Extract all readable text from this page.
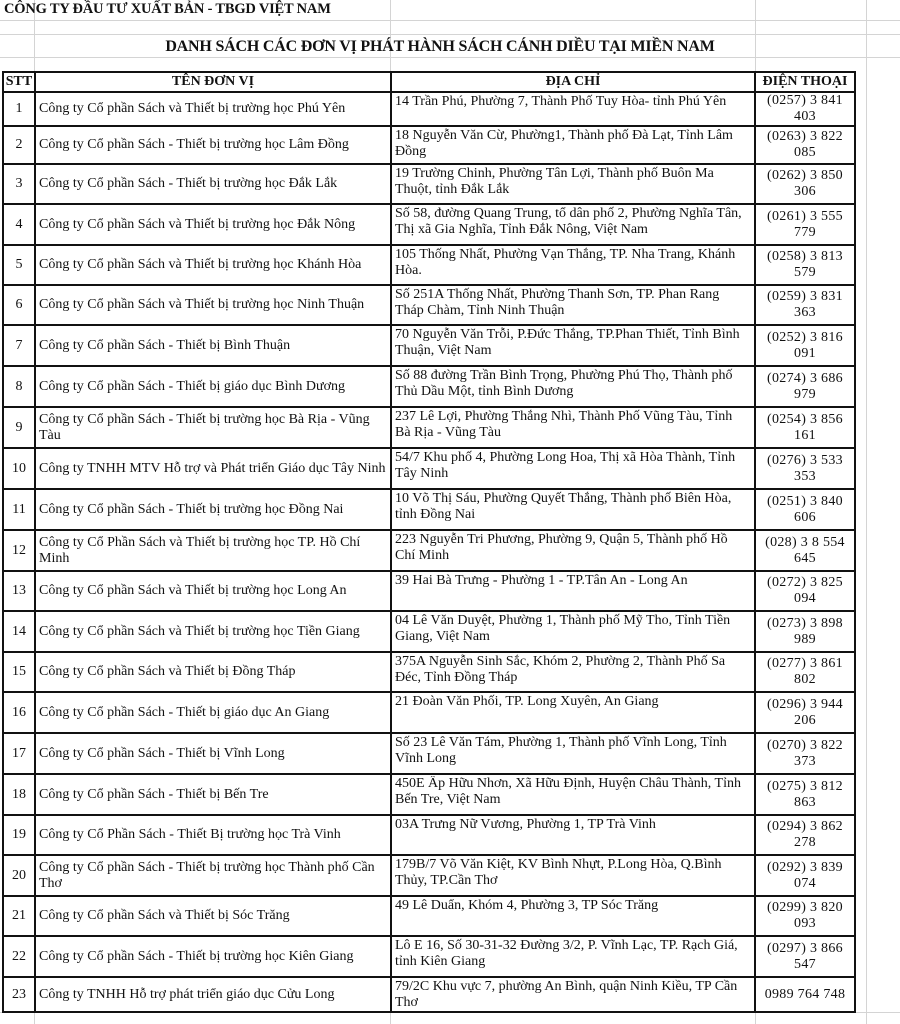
CÔNG TY ĐẦU TƯ XUẤT BẢN - TBGD VIỆT NAM
DANH SÁCH CÁC ĐƠN VỊ PHÁT HÀNH SÁCH CÁNH DIỀU TẠI MIỀN NAM
STT	TÊN ĐƠN VỊ	ĐỊA CHỈ	ĐIỆN THOẠI

1	Công ty Cổ phần Sách và Thiết bị trường học Phú Yên	14 Trần Phú, Phường 7, Thành Phố Tuy Hòa- tỉnh Phú Yên	(0257) 3 841 403

2	Công ty Cổ phần Sách - Thiết bị trường học Lâm Đồng	18 Nguyễn Văn Cừ, Phường1, Thành phố Đà Lạt, Tỉnh Lâm Đồng	(0263) 3 822 085

3	Công ty Cổ phần Sách - Thiết bị trường học Đắk Lắk	19 Trường Chinh, Phường Tân Lợi, Thành phố Buôn Ma Thuột, tỉnh Đắk Lắk	(0262) 3 850 306

4	Công ty Cổ phần Sách và Thiết bị trường học Đắk Nông	Số 58, đường Quang Trung, tổ dân phố 2, Phường Nghĩa Tân, Thị xã Gia Nghĩa, Tỉnh Đắk Nông, Việt Nam	(0261) 3 555 779

5	Công ty Cổ phần Sách và Thiết bị trường học Khánh Hòa	105 Thống Nhất, Phường Vạn Thắng, TP. Nha Trang, Khánh Hòa.	(0258) 3 813 579

6	Công ty Cổ phần Sách và Thiết bị trường học Ninh Thuận	Số 251A Thống Nhất, Phường Thanh Sơn, TP. Phan Rang Tháp Chàm, Tỉnh Ninh Thuận	(0259) 3 831 363

7	Công ty Cổ phần Sách - Thiết bị Bình Thuận	70 Nguyễn Văn Trỗi, P.Đức Thắng, TP.Phan Thiết, Tỉnh Bình Thuận, Việt Nam	(0252) 3 816 091

8	Công ty Cổ phần Sách - Thiết bị giáo dục Bình Dương	Số 88 đường Trần Bình Trọng, Phường Phú Thọ, Thành phố Thủ Dầu Một, tỉnh Bình Dương	(0274) 3 686 979

9	Công ty Cổ phần Sách - Thiết bị trường học Bà Rịa - Vũng Tàu	237 Lê Lợi, Phường Thắng Nhì, Thành Phố Vũng Tàu, Tỉnh Bà Rịa - Vũng Tàu	(0254) 3 856 161

10	Công ty TNHH MTV Hỗ trợ và Phát triển Giáo dục Tây Ninh	54/7 Khu phố 4, Phường Long Hoa, Thị xã Hòa Thành, Tỉnh Tây Ninh	(0276) 3 533 353

11	Công ty Cổ phần Sách - Thiết bị trường học Đồng Nai	10 Võ Thị Sáu, Phường Quyết Thắng, Thành phố Biên Hòa, tỉnh Đồng Nai	(0251) 3 840 606

12	Công ty Cổ Phần Sách và Thiết bị trường học TP. Hồ Chí Minh	223 Nguyễn Tri Phương, Phường 9, Quận 5, Thành phố Hồ Chí Minh	(028) 3 8 554 645

13	Công ty Cổ phần Sách và Thiết bị trường học Long An	39 Hai Bà Trưng - Phường 1 - TP.Tân An - Long An	(0272) 3 825 094

14	Công ty Cổ phần Sách và Thiết bị trường học Tiền Giang	04 Lê Văn Duyệt, Phường 1, Thành phố Mỹ Tho, Tỉnh Tiền Giang, Việt Nam	(0273) 3 898 989

15	Công ty Cổ phần Sách và Thiết bị Đồng Tháp	375A Nguyễn Sinh Sắc, Khóm 2, Phường 2, Thành Phố Sa Đéc, Tỉnh Đồng Tháp	(0277) 3 861 802

16	Công ty Cổ phần Sách - Thiết bị giáo dục An Giang	21 Đoàn Văn Phối, TP. Long Xuyên, An Giang	(0296) 3 944 206

17	Công ty Cổ phần Sách - Thiết bị Vĩnh Long	Số 23 Lê Văn Tám, Phường 1, Thành phố Vĩnh Long, Tỉnh Vĩnh Long	(0270) 3 822 373

18	Công ty Cổ phần Sách - Thiết bị Bến Tre	450E Ấp Hữu Nhơn, Xã Hữu Định, Huyện Châu Thành, Tỉnh Bến Tre, Việt Nam	(0275) 3 812 863

19	Công ty Cổ Phần Sách - Thiết Bị trường học Trà Vinh	03A Trưng Nữ Vương, Phường 1, TP Trà Vinh	(0294) 3 862 278

20	Công ty Cổ phần Sách - Thiết bị trường học Thành phố Cần Thơ	179B/7 Võ Văn Kiệt, KV Bình Nhựt, P.Long Hòa, Q.Bình Thủy, TP.Cần Thơ	(0292) 3 839 074

21	Công ty Cổ phần Sách và Thiết bị Sóc Trăng	49 Lê Duẩn, Khóm 4, Phường 3, TP Sóc Trăng	(0299) 3 820 093

22	Công ty Cổ phần Sách - Thiết bị trường học Kiên Giang	Lô E 16, Số 30-31-32 Đường 3/2, P. Vĩnh Lạc, TP. Rạch Giá, tỉnh Kiên Giang	(0297) 3 866 547

23	Công ty TNHH Hỗ trợ phát triển giáo dục Cửu Long	79/2C Khu vực 7, phường An Bình, quận Ninh Kiều, TP Cần Thơ	0989 764 748
